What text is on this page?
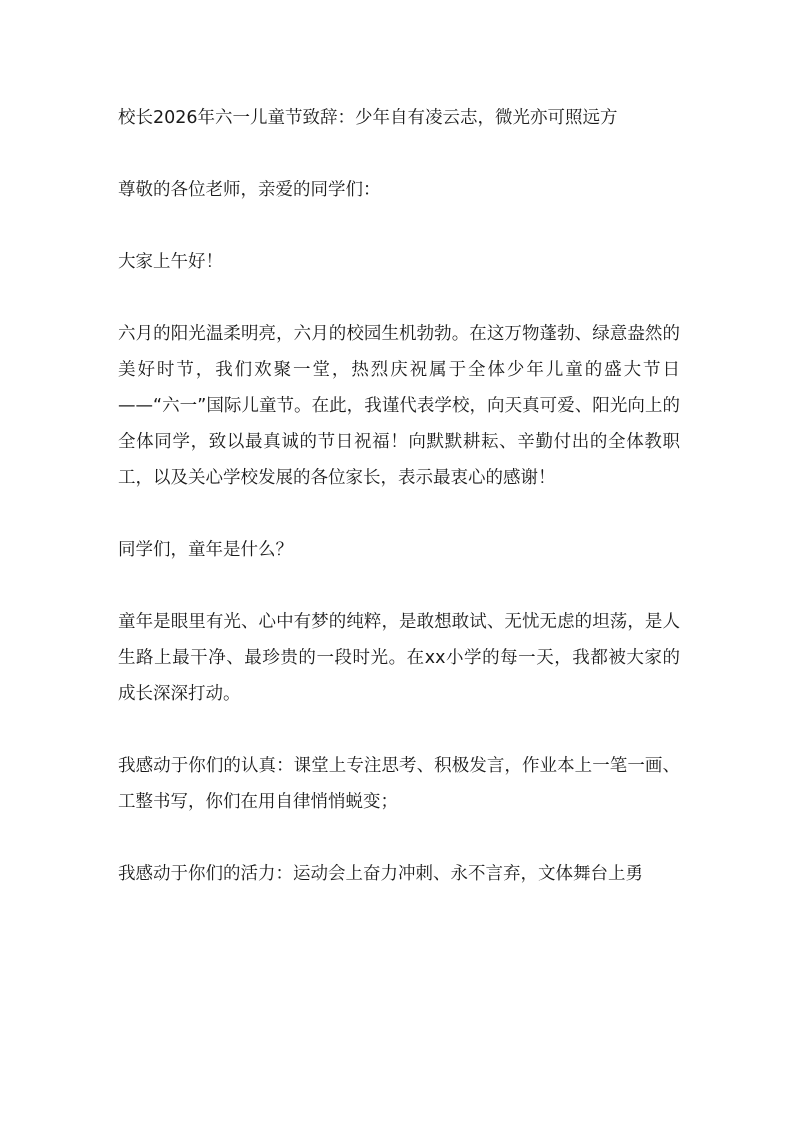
校长2026年六一儿童节致辞：少年自有凌云志，微光亦可照远方

尊敬的各位老师，亲爱的同学们：

大家上午好！

六月的阳光温柔明亮，六月的校园生机勃勃。在这万物蓬勃、绿意盎然的美好时节，我们欢聚一堂，热烈庆祝属于全体少年儿童的盛大节日——“六一”国际儿童节。在此，我谨代表学校，向天真可爱、阳光向上的全体同学，致以最真诚的节日祝福！向默默耕耘、辛勤付出的全体教职工，以及关心学校发展的各位家长，表示最衷心的感谢！

同学们，童年是什么？

童年是眼里有光、心中有梦的纯粹，是敢想敢试、无忧无虑的坦荡，是人生路上最干净、最珍贵的一段时光。在xx小学的每一天，我都被大家的成长深深打动。

我感动于你们的认真：课堂上专注思考、积极发言，作业本上一笔一画、工整书写，你们在用自律悄悄蜕变；

我感动于你们的活力：运动会上奋力冲刺、永不言弃，文体舞台上勇
